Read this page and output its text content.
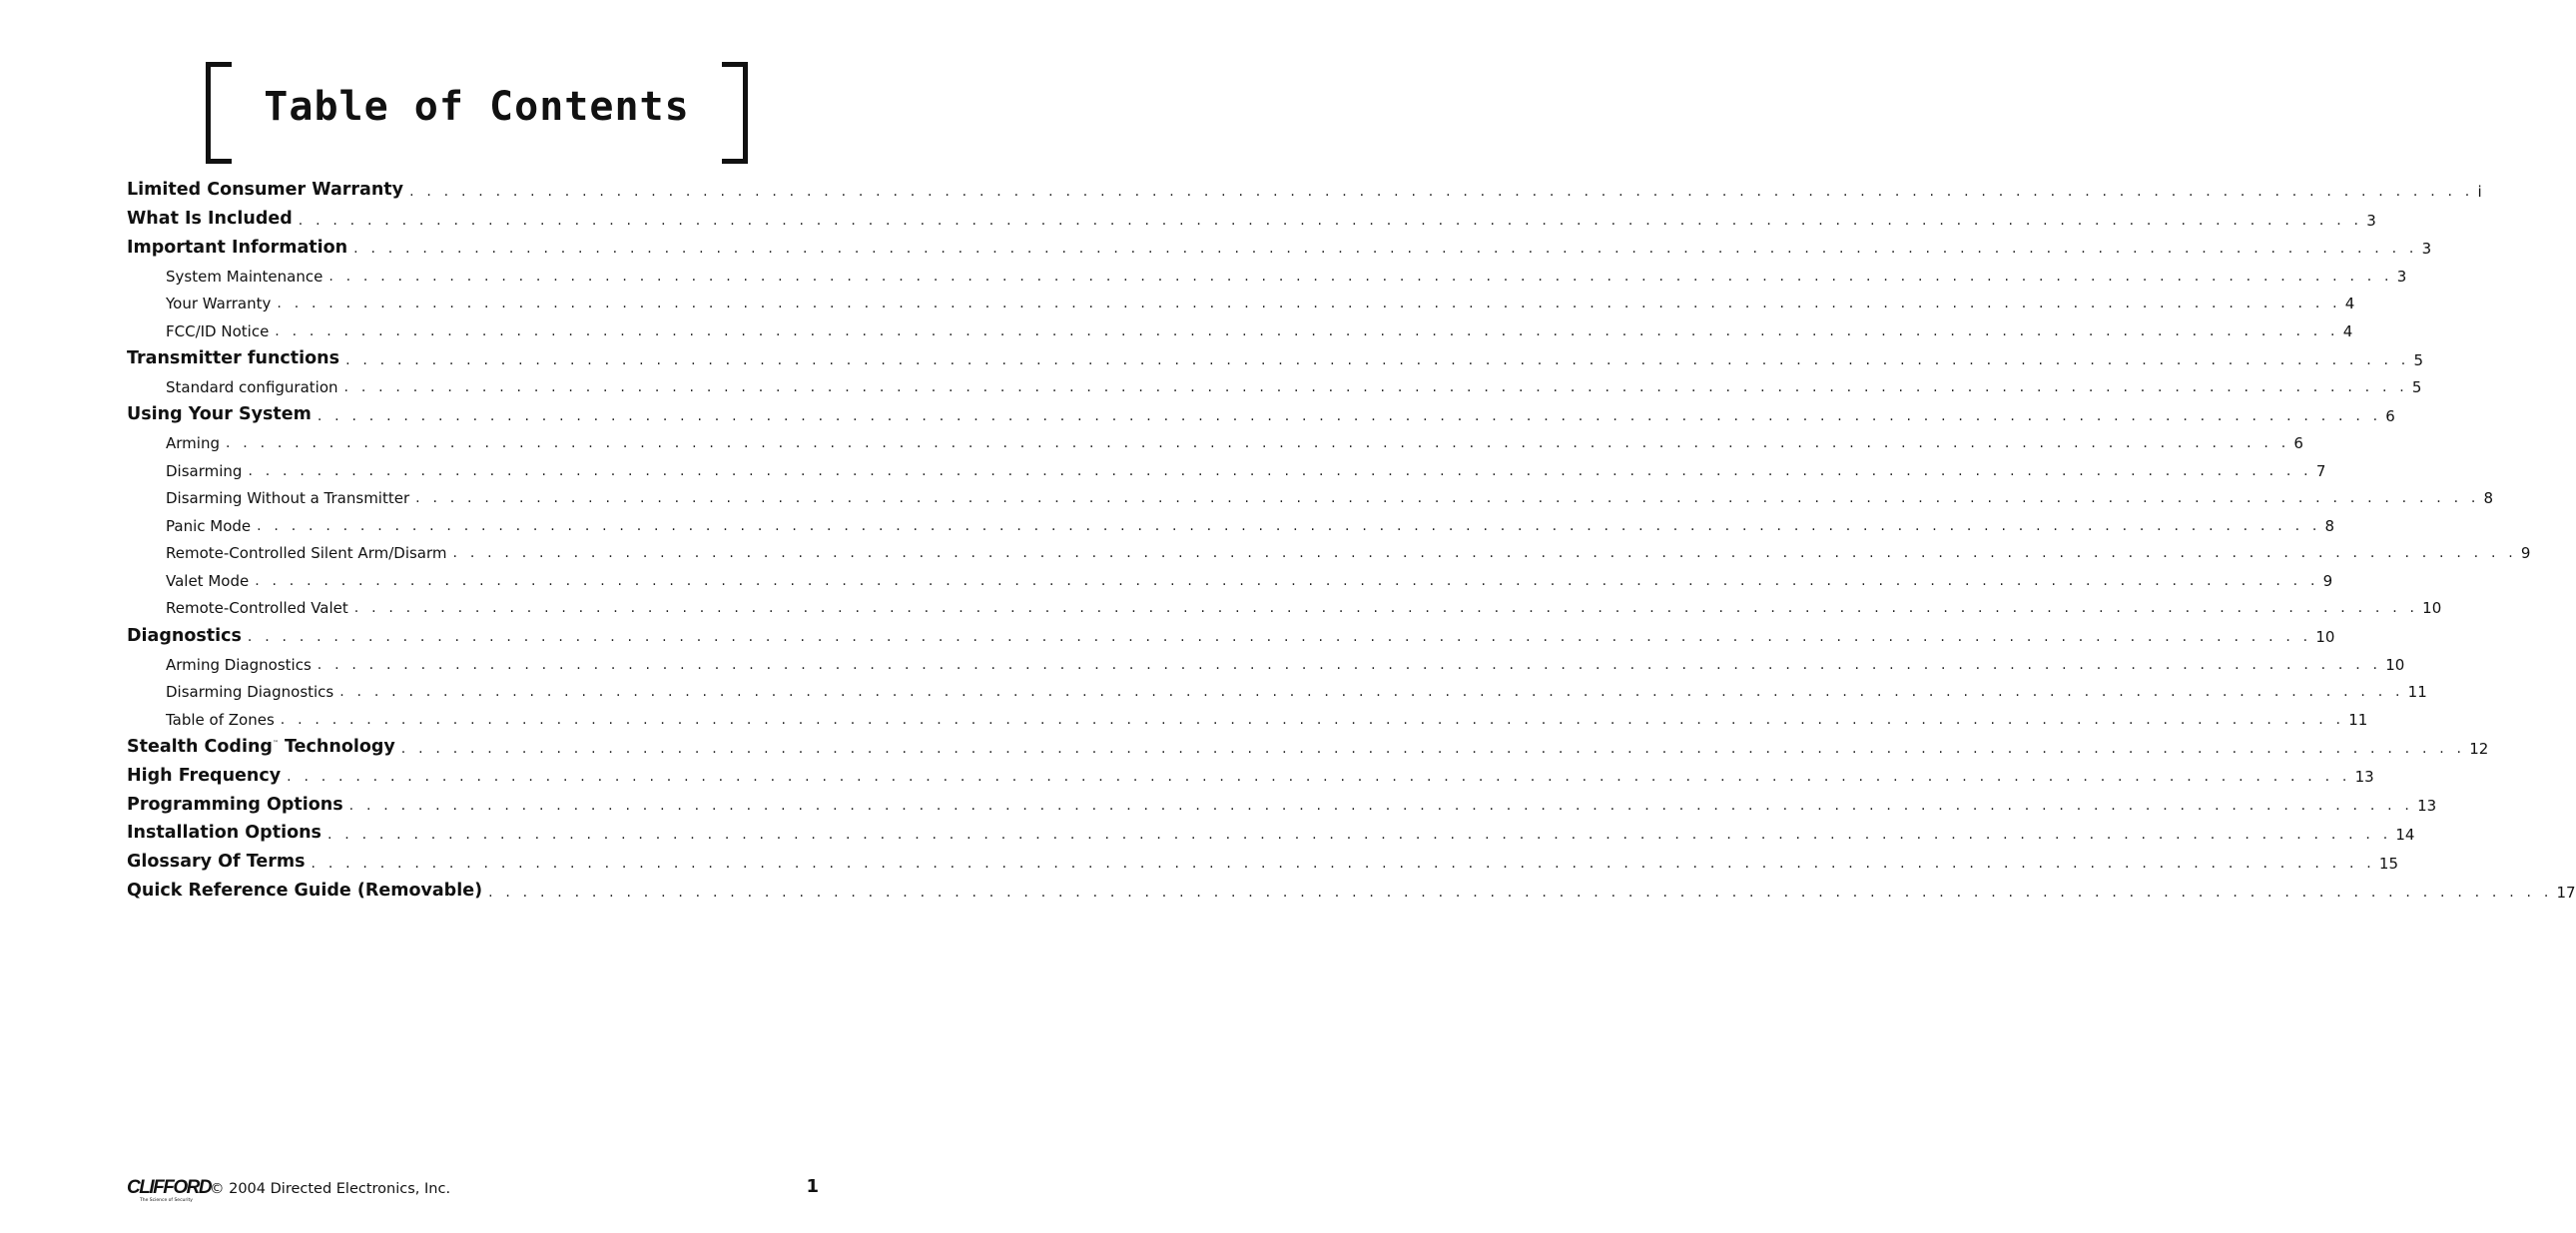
Table of Contents
Limited Consumer Warranty . . . . . . . . . . . . . . . . . . . . . . . . . . . . . . . . . . . . . . . . . . . . . . . . . . . . . . . . . . . . . . . . . . . . . . . . . . . . . . . . . . . . . . . . . . . . . . . . . . . . . . . . . . . . . . . . . . . . . . . . i
What Is Included . . . . . . . . . . . . . . . . . . . . . . . . . . . . . . . . . . . . . . . . . . . . . . . . . . . . . . . . . . . . . . . . . . . . . . . . . . . . . . . . . . . . . . . . . . . . . . . . . . . . . . . . . . . . . . . . . . . . . . . . 3
Important Information . . . . . . . . . . . . . . . . . . . . . . . . . . . . . . . . . . . . . . . . . . . . . . . . . . . . . . . . . . . . . . . . . . . . . . . . . . . . . . . . . . . . . . . . . . . . . . . . . . . . . . . . . . . . . . . . . . . . . . . . 3
System Maintenance . . . . . . . . . . . . . . . . . . . . . . . . . . . . . . . . . . . . . . . . . . . . . . . . . . . . . . . . . . . . . . . . . . . . . . . . . . . . . . . . . . . . . . . . . . . . . . . . . . . . . . . . . . . . . . . . . . . . . . . . 3
Your Warranty . . . . . . . . . . . . . . . . . . . . . . . . . . . . . . . . . . . . . . . . . . . . . . . . . . . . . . . . . . . . . . . . . . . . . . . . . . . . . . . . . . . . . . . . . . . . . . . . . . . . . . . . . . . . . . . . . . . . . . . . 4
FCC/ID Notice . . . . . . . . . . . . . . . . . . . . . . . . . . . . . . . . . . . . . . . . . . . . . . . . . . . . . . . . . . . . . . . . . . . . . . . . . . . . . . . . . . . . . . . . . . . . . . . . . . . . . . . . . . . . . . . . . . . . . . . . 4
Transmitter functions . . . . . . . . . . . . . . . . . . . . . . . . . . . . . . . . . . . . . . . . . . . . . . . . . . . . . . . . . . . . . . . . . . . . . . . . . . . . . . . . . . . . . . . . . . . . . . . . . . . . . . . . . . . . . . . . . . . . . . . . 5
Standard configuration . . . . . . . . . . . . . . . . . . . . . . . . . . . . . . . . . . . . . . . . . . . . . . . . . . . . . . . . . . . . . . . . . . . . . . . . . . . . . . . . . . . . . . . . . . . . . . . . . . . . . . . . . . . . . . . . . . . . . . . . 5
Using Your System . . . . . . . . . . . . . . . . . . . . . . . . . . . . . . . . . . . . . . . . . . . . . . . . . . . . . . . . . . . . . . . . . . . . . . . . . . . . . . . . . . . . . . . . . . . . . . . . . . . . . . . . . . . . . . . . . . . . . . . . 6
Arming . . . . . . . . . . . . . . . . . . . . . . . . . . . . . . . . . . . . . . . . . . . . . . . . . . . . . . . . . . . . . . . . . . . . . . . . . . . . . . . . . . . . . . . . . . . . . . . . . . . . . . . . . . . . . . . . . . . . . . . . 6
Disarming . . . . . . . . . . . . . . . . . . . . . . . . . . . . . . . . . . . . . . . . . . . . . . . . . . . . . . . . . . . . . . . . . . . . . . . . . . . . . . . . . . . . . . . . . . . . . . . . . . . . . . . . . . . . . . . . . . . . . . . . 7
Disarming Without a Transmitter . . . . . . . . . . . . . . . . . . . . . . . . . . . . . . . . . . . . . . . . . . . . . . . . . . . . . . . . . . . . . . . . . . . . . . . . . . . . . . . . . . . . . . . . . . . . . . . . . . . . . . . . . . . . . . . . . . . . . . . . 8
Panic Mode . . . . . . . . . . . . . . . . . . . . . . . . . . . . . . . . . . . . . . . . . . . . . . . . . . . . . . . . . . . . . . . . . . . . . . . . . . . . . . . . . . . . . . . . . . . . . . . . . . . . . . . . . . . . . . . . . . . . . . . . 8
Remote-Controlled Silent Arm/Disarm . . . . . . . . . . . . . . . . . . . . . . . . . . . . . . . . . . . . . . . . . . . . . . . . . . . . . . . . . . . . . . . . . . . . . . . . . . . . . . . . . . . . . . . . . . . . . . . . . . . . . . . . . . . . . . . . . . . . . . . . 9
Valet Mode . . . . . . . . . . . . . . . . . . . . . . . . . . . . . . . . . . . . . . . . . . . . . . . . . . . . . . . . . . . . . . . . . . . . . . . . . . . . . . . . . . . . . . . . . . . . . . . . . . . . . . . . . . . . . . . . . . . . . . . . 9
Remote-Controlled Valet . . . . . . . . . . . . . . . . . . . . . . . . . . . . . . . . . . . . . . . . . . . . . . . . . . . . . . . . . . . . . . . . . . . . . . . . . . . . . . . . . . . . . . . . . . . . . . . . . . . . . . . . . . . . . . . . . . . . . . . . 10
Diagnostics . . . . . . . . . . . . . . . . . . . . . . . . . . . . . . . . . . . . . . . . . . . . . . . . . . . . . . . . . . . . . . . . . . . . . . . . . . . . . . . . . . . . . . . . . . . . . . . . . . . . . . . . . . . . . . . . . . . . . . . . 10
Arming Diagnostics . . . . . . . . . . . . . . . . . . . . . . . . . . . . . . . . . . . . . . . . . . . . . . . . . . . . . . . . . . . . . . . . . . . . . . . . . . . . . . . . . . . . . . . . . . . . . . . . . . . . . . . . . . . . . . . . . . . . . . . . 10
Disarming Diagnostics . . . . . . . . . . . . . . . . . . . . . . . . . . . . . . . . . . . . . . . . . . . . . . . . . . . . . . . . . . . . . . . . . . . . . . . . . . . . . . . . . . . . . . . . . . . . . . . . . . . . . . . . . . . . . . . . . . . . . . . . 11
Table of Zones . . . . . . . . . . . . . . . . . . . . . . . . . . . . . . . . . . . . . . . . . . . . . . . . . . . . . . . . . . . . . . . . . . . . . . . . . . . . . . . . . . . . . . . . . . . . . . . . . . . . . . . . . . . . . . . . . . . . . . . . 11
Stealth Coding™ Technology . . . . . . . . . . . . . . . . . . . . . . . . . . . . . . . . . . . . . . . . . . . . . . . . . . . . . . . . . . . . . . . . . . . . . . . . . . . . . . . . . . . . . . . . . . . . . . . . . . . . . . . . . . . . . . . . . . . . . . . . 12
High Frequency . . . . . . . . . . . . . . . . . . . . . . . . . . . . . . . . . . . . . . . . . . . . . . . . . . . . . . . . . . . . . . . . . . . . . . . . . . . . . . . . . . . . . . . . . . . . . . . . . . . . . . . . . . . . . . . . . . . . . . . . 13
Programming Options . . . . . . . . . . . . . . . . . . . . . . . . . . . . . . . . . . . . . . . . . . . . . . . . . . . . . . . . . . . . . . . . . . . . . . . . . . . . . . . . . . . . . . . . . . . . . . . . . . . . . . . . . . . . . . . . . . . . . . . . 13
Installation Options . . . . . . . . . . . . . . . . . . . . . . . . . . . . . . . . . . . . . . . . . . . . . . . . . . . . . . . . . . . . . . . . . . . . . . . . . . . . . . . . . . . . . . . . . . . . . . . . . . . . . . . . . . . . . . . . . . . . . . . . 14
Glossary Of Terms . . . . . . . . . . . . . . . . . . . . . . . . . . . . . . . . . . . . . . . . . . . . . . . . . . . . . . . . . . . . . . . . . . . . . . . . . . . . . . . . . . . . . . . . . . . . . . . . . . . . . . . . . . . . . . . . . . . . . . . . 15
Quick Reference Guide (Removable) . . . . . . . . . . . . . . . . . . . . . . . . . . . . . . . . . . . . . . . . . . . . . . . . . . . . . . . . . . . . . . . . . . . . . . . . . . . . . . . . . . . . . . . . . . . . . . . . . . . . . . . . . . . . . . . . . . . . . . . . 17
CLIFFORD
The Science of Security
© 2004 Directed Electronics, Inc.	1
